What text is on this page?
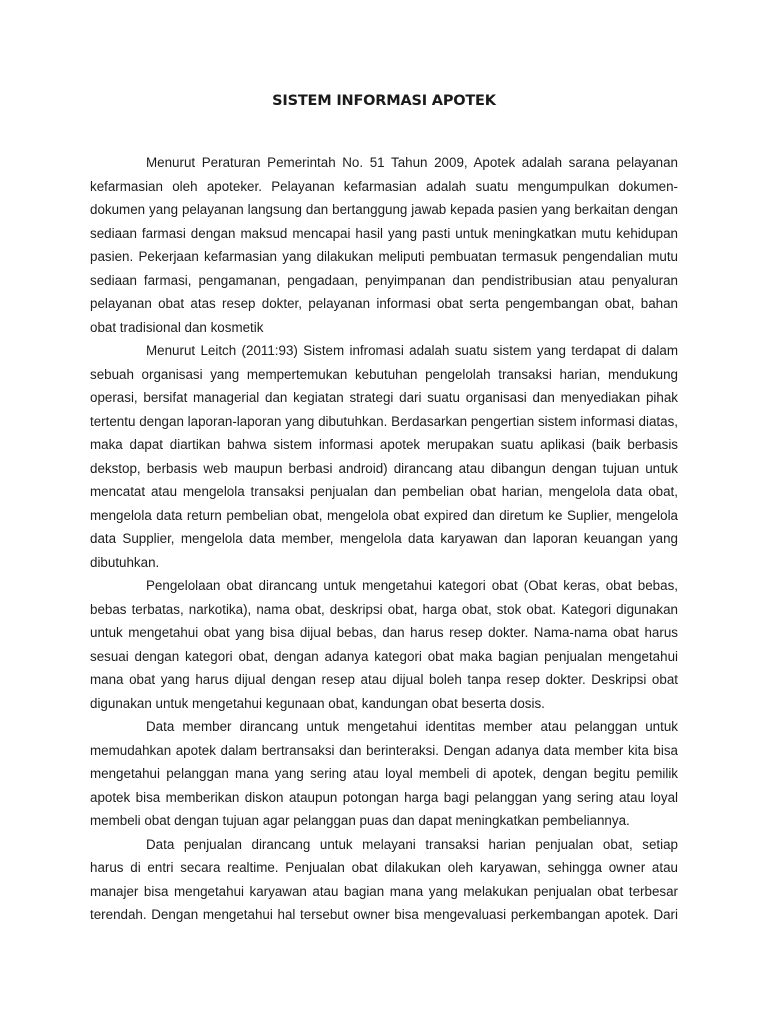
SISTEM INFORMASI APOTEK
Menurut Peraturan Pemerintah No. 51 Tahun 2009, Apotek adalah sarana pelayanan
kefarmasian oleh apoteker. Pelayanan kefarmasian adalah suatu mengumpulkan dokumen-
dokumen yang pelayanan langsung dan bertanggung jawab kepada pasien yang berkaitan dengan
sediaan farmasi dengan maksud mencapai hasil yang pasti untuk meningkatkan mutu kehidupan
pasien. Pekerjaan kefarmasian yang dilakukan meliputi pembuatan termasuk pengendalian mutu
sediaan farmasi, pengamanan, pengadaan, penyimpanan dan pendistribusian atau penyaluran
pelayanan obat atas resep dokter, pelayanan informasi obat serta pengembangan obat, bahan
obat tradisional dan kosmetik
Menurut Leitch (2011:93) Sistem infromasi adalah suatu sistem yang terdapat di dalam
sebuah organisasi yang mempertemukan kebutuhan pengelolah transaksi harian, mendukung
operasi, bersifat managerial dan kegiatan strategi dari suatu organisasi dan menyediakan pihak
tertentu dengan laporan-laporan yang dibutuhkan. Berdasarkan pengertian sistem informasi diatas,
maka dapat diartikan bahwa sistem informasi apotek merupakan suatu aplikasi (baik berbasis
dekstop, berbasis web maupun berbasi android) dirancang atau dibangun dengan tujuan untuk
mencatat atau mengelola transaksi penjualan dan pembelian obat harian, mengelola data obat,
mengelola data return pembelian obat, mengelola obat expired dan diretum ke Suplier, mengelola
data Supplier, mengelola data member, mengelola data karyawan dan laporan keuangan yang
dibutuhkan.
Pengelolaan obat dirancang untuk mengetahui kategori obat (Obat keras, obat bebas,
bebas terbatas, narkotika), nama obat, deskripsi obat, harga obat, stok obat. Kategori digunakan
untuk mengetahui obat yang bisa dijual bebas, dan harus resep dokter. Nama-nama obat harus
sesuai dengan kategori obat, dengan adanya kategori obat maka bagian penjualan mengetahui
mana obat yang harus dijual dengan resep atau dijual boleh tanpa resep dokter. Deskripsi obat
digunakan untuk mengetahui kegunaan obat, kandungan obat beserta dosis.
Data member dirancang untuk mengetahui identitas member atau pelanggan untuk
memudahkan apotek dalam bertransaksi dan berinteraksi. Dengan adanya data member kita bisa
mengetahui pelanggan mana yang sering atau loyal membeli di apotek, dengan begitu pemilik
apotek bisa memberikan diskon ataupun potongan harga bagi pelanggan yang sering atau loyal
membeli obat dengan tujuan agar pelanggan puas dan dapat meningkatkan pembeliannya.
Data penjualan dirancang untuk melayani transaksi harian penjualan obat, setiap
harus di entri secara realtime. Penjualan obat dilakukan oleh karyawan, sehingga owner atau
manajer bisa mengetahui karyawan atau bagian mana yang melakukan penjualan obat terbesar
terendah. Dengan mengetahui hal tersebut owner bisa mengevaluasi perkembangan apotek. Dari
